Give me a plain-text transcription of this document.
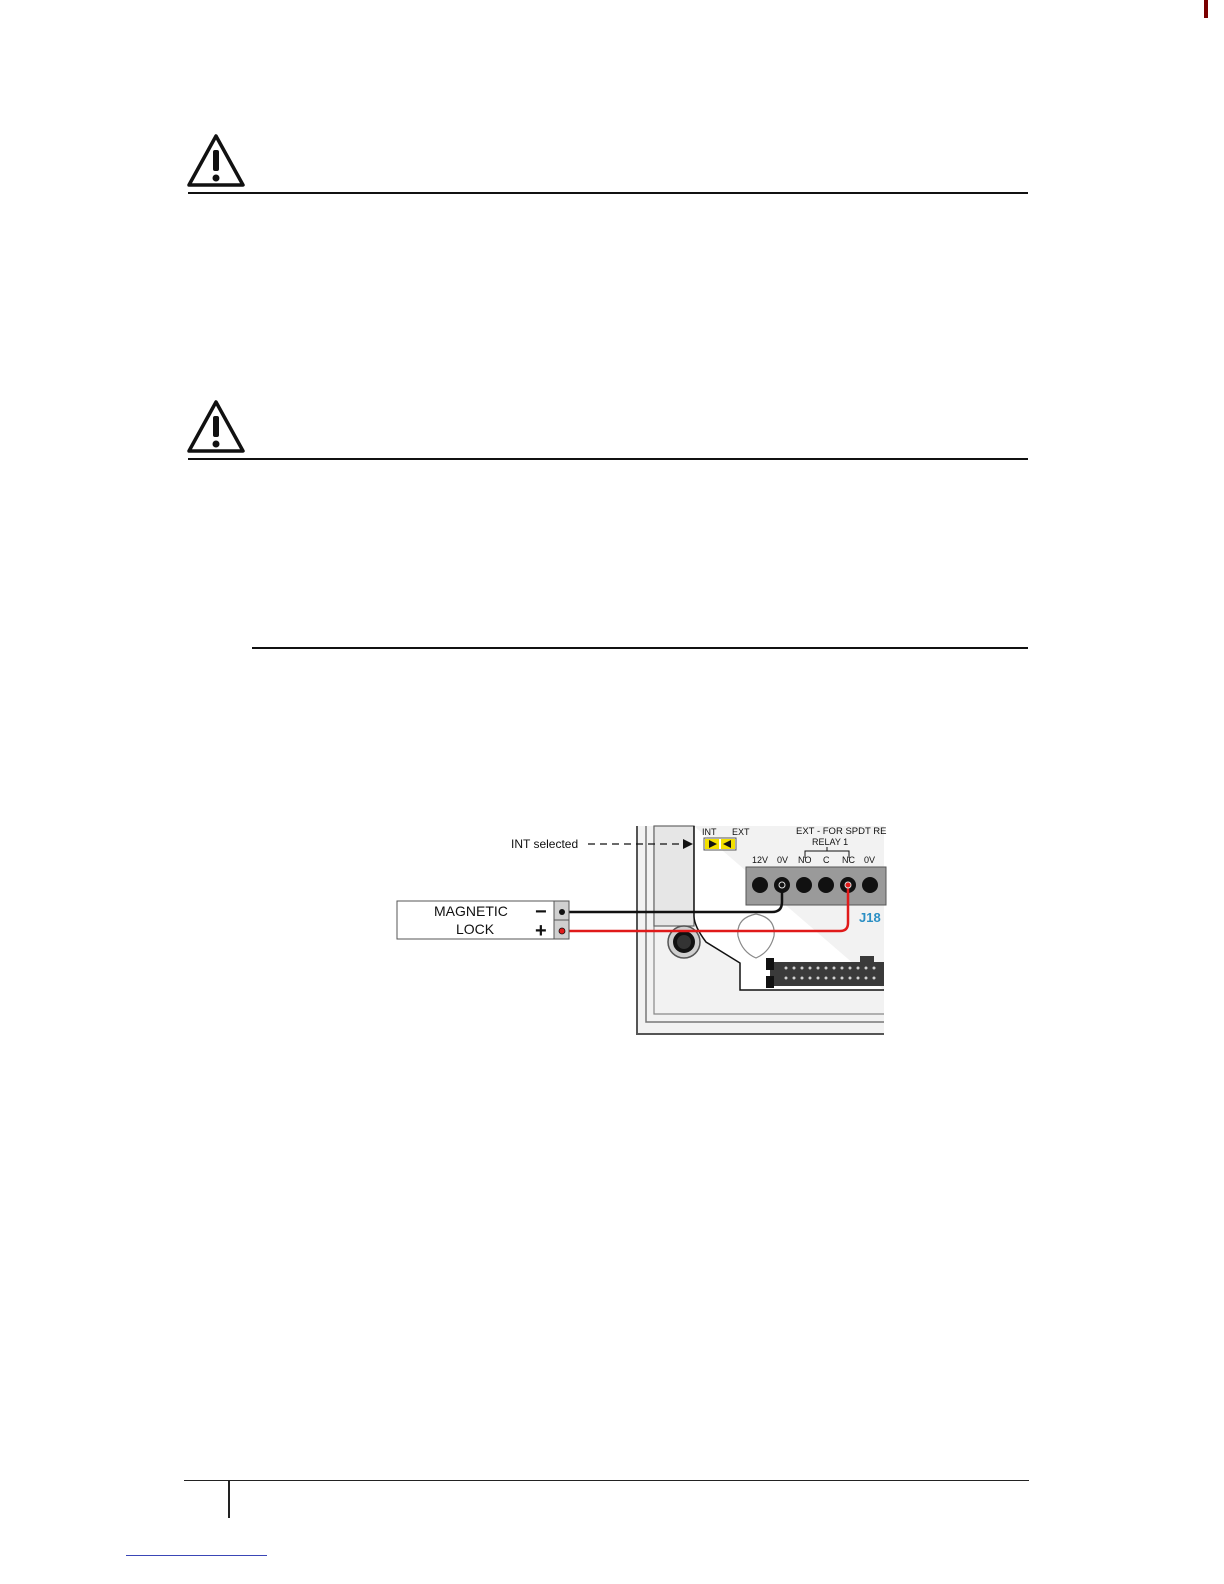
INT EXT
INT selected
EXT - FOR SPDT RE
RELAY 1
12V 0V NO C NC 0V
J18
MAGNETIC
LOCK
−
+
